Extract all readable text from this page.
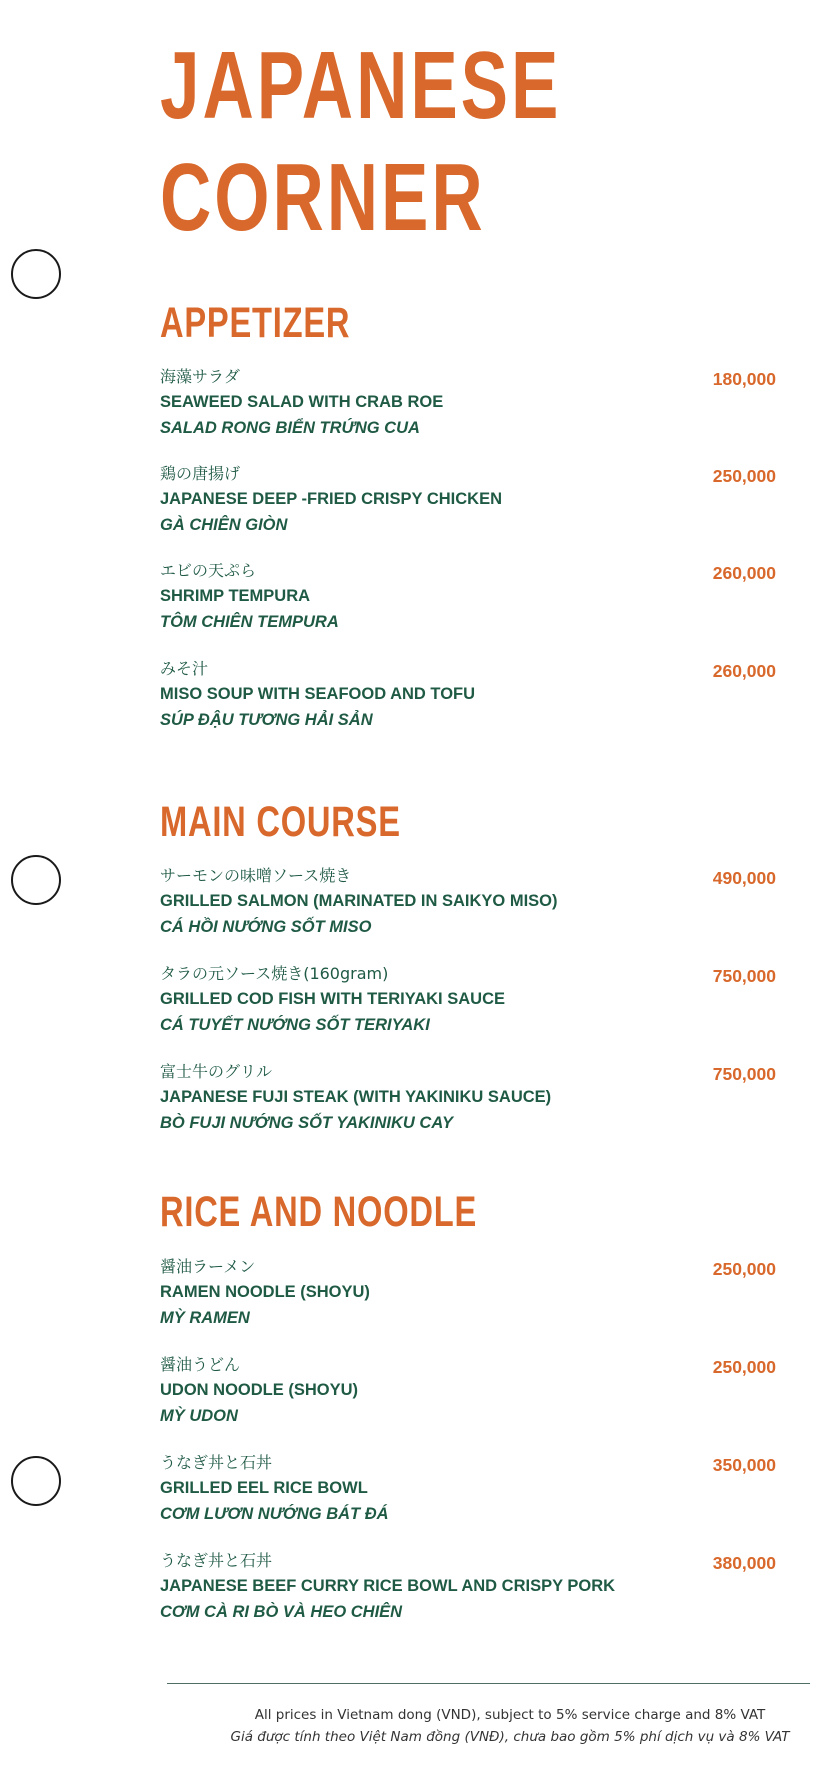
JAPANESE
CORNER
APPETIZER
海藻サラダ
SEAWEED SALAD WITH CRAB ROE
SALAD RONG BIỂN TRỨNG CUA
180,000
鶏の唐揚げ
JAPANESE DEEP -FRIED CRISPY CHICKEN
GÀ CHIÊN GIÒN
250,000
エビの天ぷら
SHRIMP TEMPURA
TÔM CHIÊN TEMPURA
260,000
みそ汁
MISO SOUP WITH SEAFOOD AND TOFU
SÚP ĐẬU TƯƠNG HẢI SẢN
260,000
MAIN COURSE
サーモンの味噌ソース焼き
GRILLED SALMON (MARINATED IN SAIKYO MISO)
CÁ HỒI NƯỚNG SỐT MISO
490,000
タラの元ソース焼き(160gram)
GRILLED COD FISH WITH TERIYAKI SAUCE
CÁ TUYẾT NƯỚNG SỐT TERIYAKI
750,000
富士牛のグリル
JAPANESE FUJI STEAK (WITH YAKINIKU SAUCE)
BÒ FUJI NƯỚNG SỐT YAKINIKU CAY
750,000
RICE AND NOODLE
醤油ラーメン
RAMEN NOODLE (SHOYU)
MỲ RAMEN
250,000
醤油うどん
UDON NOODLE (SHOYU)
MỲ UDON
250,000
うなぎ丼と石丼
GRILLED EEL RICE BOWL
CƠM LƯƠN NƯỚNG BÁT ĐÁ
350,000
うなぎ丼と石丼
JAPANESE BEEF CURRY RICE BOWL AND CRISPY PORK
CƠM CÀ RI BÒ VÀ HEO CHIÊN
380,000
All prices in Vietnam dong (VND), subject to 5% service charge and 8% VAT
Giá được tính theo Việt Nam đồng (VNĐ), chưa bao gồm 5% phí dịch vụ và 8% VAT
